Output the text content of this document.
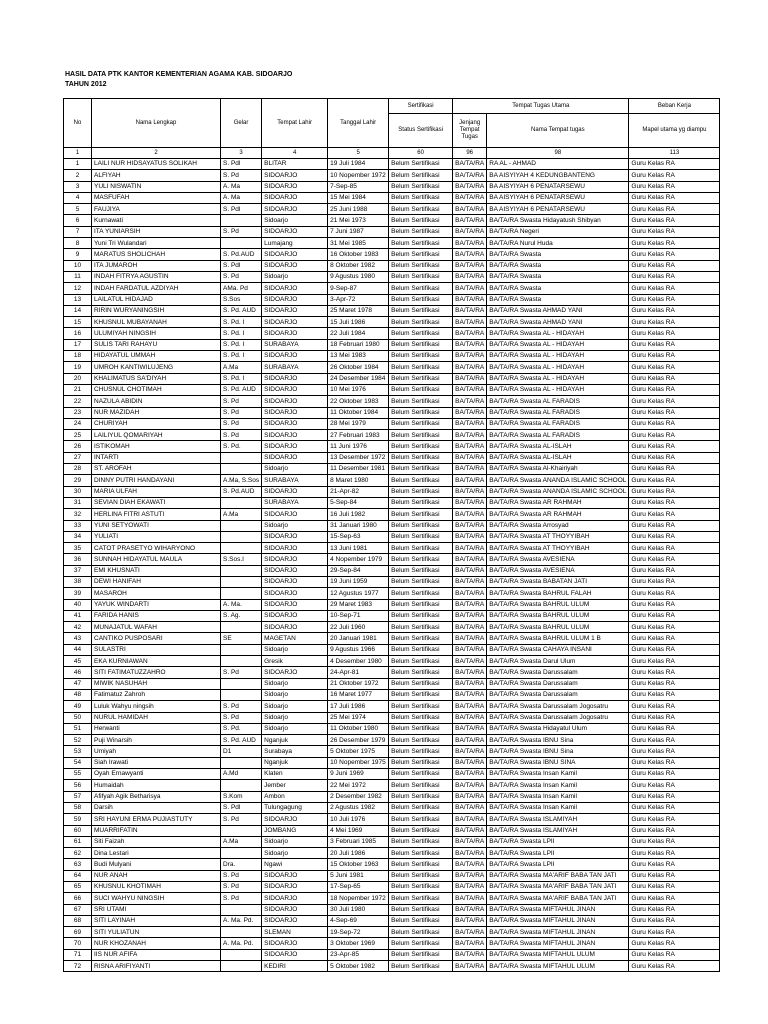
HASIL DATA PTK KANTOR KEMENTERIAN AGAMA KAB. SIDOARJO
TAHUN 2012
No	Nama Lengkap	Gelar	Tempat Lahir	Tanggal Lahir	Sertifikasi	Tempat Tugas Utama		Beban Kerja
					Status Sertifikasi	Jenjang Tempat Tugas	Nama Tempat tugas	Mapel utama yg diampu
1	2	3	4	5	60	96	98	113
1	LAILI NUR HIDSAYATUS SOLIKAH	S. Pdl	BLITAR	19 Juli 1984	Belum Sertifikasi	BA/TA/RA	RA AL - AHMAD	Guru Kelas RA
2	ALFIYAH	S. Pd	SIDOARJO	10 Nopember 1972	Belum Sertifikasi	BA/TA/RA	BA AISYIYAH 4 KEDUNGBANTENG	Guru Kelas RA
3	YULI NISWATIN	A. Ma	SIDOARJO	7-Sep-85	Belum Sertifikasi	BA/TA/RA	BA AISYIYAH 6 PENATARSEWU	Guru Kelas RA
4	MASFUFAH	A. Ma	SIDOARJO	15 Mei 1984	Belum Sertifikasi	BA/TA/RA	BA AISYIYAH 6 PENATARSEWU	Guru Kelas RA
5	FAUJIYA	S. Pdl	SIDOARJO	25 Juni 1988	Belum Sertifikasi	BA/TA/RA	BA AISYIYAH 6 PENATARSEWU	Guru Kelas RA
6	Kurnawati		Sidoarjo	21 Mei 1973	Belum Sertifikasi	BA/TA/RA	BA/TA/RA Swasta Hidayatush Shibyan	Guru Kelas RA
7	ITA YUNIARSIH	S. Pd	SIDOARJO	7 Juni 1987	Belum Sertifikasi	BA/TA/RA	BA/TA/RA Negeri	Guru Kelas RA
8	Yuni Tri Wulandari		Lumajang	31 Mei 1985	Belum Sertifikasi	BA/TA/RA	BA/TA/RA Nurul Huda	Guru Kelas RA
9	MARATUS SHOLICHAH	S. Pd.AUD	SIDOARJO	16 Oktober 1983	Belum Sertifikasi	BA/TA/RA	BA/TA/RA Swasta	Guru Kelas RA
10	ITA JUMAROH	S. Pdl	SIDOARJO	8 Oktober 1982	Belum Sertifikasi	BA/TA/RA	BA/TA/RA Swasta	Guru Kelas RA
11	INDAH FITRYA AGUSTIN	S. Pd	Sidoarjo	9 Agustus 1980	Belum Sertifikasi	BA/TA/RA	BA/TA/RA Swasta	Guru Kelas RA
12	INDAH FARDATUL AZDIYAH	AMa. Pd	SIDOARJO	9-Sep-87	Belum Sertifikasi	BA/TA/RA	BA/TA/RA Swasta	Guru Kelas RA
13	LAILATUL HIDAJAD	S.Sos	SIDOARJO	3-Apr-72	Belum Sertifikasi	BA/TA/RA	BA/TA/RA Swasta	Guru Kelas RA
14	RIRIN WURYANINGSIH	S. Pd. AUD	SIDOARJO	25 Maret 1978	Belum Sertifikasi	BA/TA/RA	BA/TA/RA Swasta AHMAD YANI	Guru Kelas RA
15	KHUSNUL MUBAYANAH	S. Pd. I	SIDOARJO	15 Juli 1986	Belum Sertifikasi	BA/TA/RA	BA/TA/RA Swasta AHMAD YANI	Guru Kelas RA
16	ULUMIYAH NINGSIH	S. Pd. I	SIDOARJO	22 Juli 1984	Belum Sertifikasi	BA/TA/RA	BA/TA/RA Swasta AL - HIDAYAH	Guru Kelas RA
17	SULIS TARI RAHAYU	S. Pd. I	SURABAYA	18 Februari 1980	Belum Sertifikasi	BA/TA/RA	BA/TA/RA Swasta AL - HIDAYAH	Guru Kelas RA
18	HIDAYATUL UMMAH	S. Pd. I	SIDOARJO	13 Mei 1983	Belum Sertifikasi	BA/TA/RA	BA/TA/RA Swasta AL - HIDAYAH	Guru Kelas RA
19	UMROH KANTIWILUJENG	A.Ma	SURABAYA	26 Oktober 1984	Belum Sertifikasi	BA/TA/RA	BA/TA/RA Swasta AL - HIDAYAH	Guru Kelas RA
20	KHALIMATUS SA'DIYAH	S. Pd. I	SIDOARJO	24 Desember 1984	Belum Sertifikasi	BA/TA/RA	BA/TA/RA Swasta AL - HIDAYAH	Guru Kelas RA
21	CHUSNUL CHOTIMAH	S. Pd. AUD	SIDOARJO	10 Mei 1976	Belum Sertifikasi	BA/TA/RA	BA/TA/RA Swasta AL - HIDAYAH	Guru Kelas RA
22	NAZULA ABIDIN	S. Pd	SIDOARJO	22 Oktober 1983	Belum Sertifikasi	BA/TA/RA	BA/TA/RA Swasta AL FARADIS	Guru Kelas RA
23	NUR MAZIDAH	S. Pd	SIDOARJO	11 Oktober 1984	Belum Sertifikasi	BA/TA/RA	BA/TA/RA Swasta AL FARADIS	Guru Kelas RA
24	CHURIYAH	S. Pd	SIDOARJO	28 Mei 1979	Belum Sertifikasi	BA/TA/RA	BA/TA/RA Swasta AL FARADIS	Guru Kelas RA
25	LAILIYUL QOMARIYAH	S. Pd	SIDOARJO	27 Februari 1983	Belum Sertifikasi	BA/TA/RA	BA/TA/RA Swasta AL FARADIS	Guru Kelas RA
26	ISTIKOMAH	S. Pd.	SIDOARJO	11 Juni 1976	Belum Sertifikasi	BA/TA/RA	BA/TA/RA Swasta AL-ISLAH	Guru Kelas RA
27	INTARTI		SIDOARJO	13 Desember 1972	Belum Sertifikasi	BA/TA/RA	BA/TA/RA Swasta AL-ISLAH	Guru Kelas RA
28	ST. AROFAH		Sidoarjo	11 Desember 1981	Belum Sertifikasi	BA/TA/RA	BA/TA/RA Swasta Al-Khairiyah	Guru Kelas RA
29	DINNY PUTRI HANDAYANI	A.Ma, S.Sos	SURABAYA	8 Maret 1980	Belum Sertifikasi	BA/TA/RA	BA/TA/RA Swasta ANANDA ISLAMIC SCHOOL	Guru Kelas RA
30	MARIA ULFAH	S. Pd.AUD	SIDOARJO	21-Apr-82	Belum Sertifikasi	BA/TA/RA	BA/TA/RA Swasta ANANDA ISLAMIC SCHOOL	Guru Kelas RA
31	SEVIAN DIAH EKAWATI		SURABAYA	5-Sep-84	Belum Sertifikasi	BA/TA/RA	BA/TA/RA Swasta AR RAHMAH	Guru Kelas RA
32	HERLINA FITRI ASTUTI	A.Ma	SIDOARJO	16 Juli 1982	Belum Sertifikasi	BA/TA/RA	BA/TA/RA Swasta AR RAHMAH	Guru Kelas RA
33	YUNI SETYOWATI		Sidoarjo	31 Januari 1980	Belum Sertifikasi	BA/TA/RA	BA/TA/RA Swasta Arrosyad	Guru Kelas RA
34	YULIATI		SIDOARJO	15-Sep-63	Belum Sertifikasi	BA/TA/RA	BA/TA/RA Swasta AT THOYYIBAH	Guru Kelas RA
35	CATOT PRASETYO WIHARYONO		SIDOARJO	13 Juni 1981	Belum Sertifikasi	BA/TA/RA	BA/TA/RA Swasta AT THOYYIBAH	Guru Kelas RA
36	SUNNAH HIDAYATUL MAULA	S.Sos.I	SIDOARJO	4 Nopember 1979	Belum Sertifikasi	BA/TA/RA	BA/TA/RA Swasta AVESIENA	Guru Kelas RA
37	EMI KHUSNATI		SIDOARJO	29-Sep-84	Belum Sertifikasi	BA/TA/RA	BA/TA/RA Swasta AVESIENA	Guru Kelas RA
38	DEWI HANIFAH		SIDOARJO	19 Juni 1959	Belum Sertifikasi	BA/TA/RA	BA/TA/RA Swasta BABATAN JATI	Guru Kelas RA
39	MASAROH		SIDOARJO	12 Agustus 1977	Belum Sertifikasi	BA/TA/RA	BA/TA/RA Swasta BAHRUL FALAH	Guru Kelas RA
40	YAYUK WINDARTI	A. Ma.	SIDOARJO	29 Maret 1983	Belum Sertifikasi	BA/TA/RA	BA/TA/RA Swasta BAHRUL ULUM	Guru Kelas RA
41	FARIDA HANIS	S. Ag.	SIDOARJO	10-Sep-71	Belum Sertifikasi	BA/TA/RA	BA/TA/RA Swasta BAHRUL ULUM	Guru Kelas RA
42	MUNAJATUL WAFAH		SIDOARJO	22 Juli 1960	Belum Sertifikasi	BA/TA/RA	BA/TA/RA Swasta BAHRUL ULUM	Guru Kelas RA
43	CANTIKO PUSPOSARI	SE	MAGETAN	20 Januari 1981	Belum Sertifikasi	BA/TA/RA	BA/TA/RA Swasta BAHRUL ULUM 1 B	Guru Kelas RA
44	SULASTRI		Sidoarjo	9 Agustus 1966	Belum Sertifikasi	BA/TA/RA	BA/TA/RA Swasta CAHAYA INSANI	Guru Kelas RA
45	EKA KURNIAWAN		Gresik	4 Desember 1980	Belum Sertifikasi	BA/TA/RA	BA/TA/RA Swasta Darul Ulum	Guru Kelas RA
46	SITI FATIMATUZZAHRO	S. Pd	SIDOARJO	24-Apr-81	Belum Sertifikasi	BA/TA/RA	BA/TA/RA Swasta Darussalam	Guru Kelas RA
47	MIWIK NASUHAH		Sidoarjo	21 Oktober 1972	Belum Sertifikasi	BA/TA/RA	BA/TA/RA Swasta Darussalam	Guru Kelas RA
48	Fatimatuz Zahroh		Sidoarjo	16 Maret 1977	Belum Sertifikasi	BA/TA/RA	BA/TA/RA Swasta Darussalam	Guru Kelas RA
49	Luluk Wahyu ningsih	S. Pd	Sidoarjo	17 Juli 1986	Belum Sertifikasi	BA/TA/RA	BA/TA/RA Swasta Darussalam Jogosatru	Guru Kelas RA
50	NURUL HAMIDAH	S. Pd	Sidoarjo	25 Mei 1974	Belum Sertifikasi	BA/TA/RA	BA/TA/RA Swasta Darussalam Jogosatru	Guru Kelas RA
51	Herwanti	S. Pd.	Sidoarjo	11 Oktober 1980	Belum Sertifikasi	BA/TA/RA	BA/TA/RA Swasta Hidayatul Ulum	Guru Kelas RA
52	Puji Winarsih	S. Pd. AUD	Nganjuk	26 Desember 1979	Belum Sertifikasi	BA/TA/RA	BA/TA/RA Swasta IBNU Sina	Guru Kelas RA
53	Umiyah	D1	Surabaya	5 Oktober 1975	Belum Sertifikasi	BA/TA/RA	BA/TA/RA Swasta IBNU Sina	Guru Kelas RA
54	Siah Irawati		Nganjuk	10 Nopember 1975	Belum Sertifikasi	BA/TA/RA	BA/TA/RA Swasta IBNU SINA	Guru Kelas RA
55	Oyah Ernawyanti	A.Md	Klaten	9 Juni 1969	Belum Sertifikasi	BA/TA/RA	BA/TA/RA Swasta Insan Kamil	Guru Kelas RA
56	Humaidah		Jember	22 Mei 1972	Belum Sertifikasi	BA/TA/RA	BA/TA/RA Swasta Insan Kamil	Guru Kelas RA
57	Afifyah Agik Betharisya	S.Kom	Ambon	2 Desember 1982	Belum Sertifikasi	BA/TA/RA	BA/TA/RA Swasta Insan Kamil	Guru Kelas RA
58	Darsih	S. Pdl	Tulungagung	2 Agustus 1982	Belum Sertifikasi	BA/TA/RA	BA/TA/RA Swasta Insan Kamil	Guru Kelas RA
59	SRI HAYUNI ERMA PUJIASTUTY	S. Pd	SIDOARJO	10 Juli 1976	Belum Sertifikasi	BA/TA/RA	BA/TA/RA Swasta ISLAMIYAH	Guru Kelas RA
60	MUARRIFATIN		JOMBANG	4 Mei 1969	Belum Sertifikasi	BA/TA/RA	BA/TA/RA Swasta ISLAMIYAH	Guru Kelas RA
61	Siti Faizah	A.Ma	Sidoarjo	3 Februari 1985	Belum Sertifikasi	BA/TA/RA	BA/TA/RA Swasta LPII	Guru Kelas RA
62	Dina Lestari		Sidoarjo	20 Juli 1986	Belum Sertifikasi	BA/TA/RA	BA/TA/RA Swasta LPII	Guru Kelas RA
63	Budi Mulyani	Dra.	Ngawi	15 Oktober 1963	Belum Sertifikasi	BA/TA/RA	BA/TA/RA Swasta LPII	Guru Kelas RA
64	NUR ANAH	S. Pd	SIDOARJO	5 Juni 1981	Belum Sertifikasi	BA/TA/RA	BA/TA/RA Swasta MA'ARIF BABA TAN JATI	Guru Kelas RA
65	KHUSNUL KHOTIMAH	S. Pd	SIDOARJO	17-Sep-65	Belum Sertifikasi	BA/TA/RA	BA/TA/RA Swasta MA'ARIF BABA TAN JATI	Guru Kelas RA
66	SUCI WAHYU NINGSIH	S. Pd	SIDOARJO	18 Nopember 1972	Belum Sertifikasi	BA/TA/RA	BA/TA/RA Swasta MA'ARIF BABA TAN JATI	Guru Kelas RA
67	SRI UTAMI		SIDOARJO	30 Juli 1980	Belum Sertifikasi	BA/TA/RA	BA/TA/RA Swasta MIFTAHUL JINAN	Guru Kelas RA
68	SITI LAYINAH	A. Ma. Pd.	SIDOARJO	4-Sep-69	Belum Sertifikasi	BA/TA/RA	BA/TA/RA Swasta MIFTAHUL JINAN	Guru Kelas RA
69	SITI YULIATUN		SLEMAN	19-Sep-72	Belum Sertifikasi	BA/TA/RA	BA/TA/RA Swasta MIFTAHUL JINAN	Guru Kelas RA
70	NUR KHOZANAH	A. Ma. Pd.	SIDOARJO	3 Oktober 1969	Belum Sertifikasi	BA/TA/RA	BA/TA/RA Swasta MIFTAHUL JINAN	Guru Kelas RA
71	IIS NUR AFIFA		SIDOARJO	23-Apr-85	Belum Sertifikasi	BA/TA/RA	BA/TA/RA Swasta MIFTAHUL ULUM	Guru Kelas RA
72	RISNA ARIFIYANTI		KEDIRI	5 Oktober 1982	Belum Sertifikasi	BA/TA/RA	BA/TA/RA Swasta MIFTAHUL ULUM	Guru Kelas RA
